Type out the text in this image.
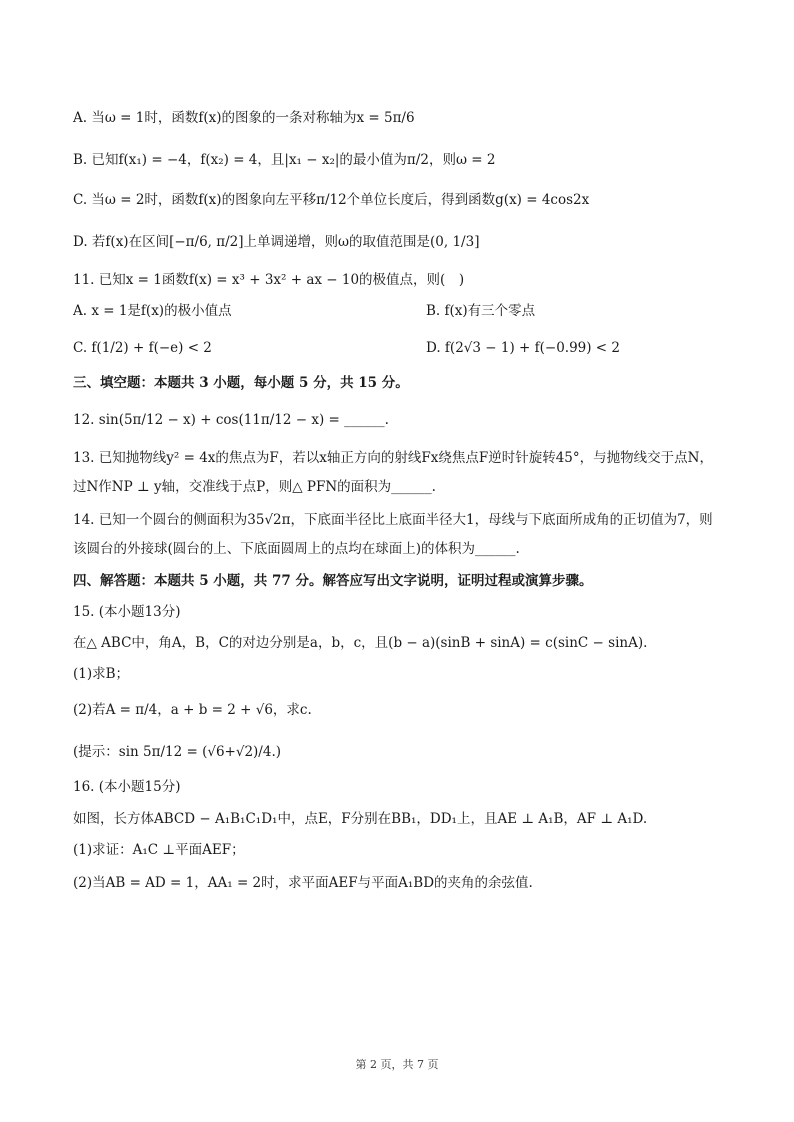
A. 当ω = 1时，函数f(x)的图象的一条对称轴为x = 5π/6
B. 已知f(x₁) = −4，f(x₂) = 4，且|x₁ − x₂|的最小值为π/2，则ω = 2
C. 当ω = 2时，函数f(x)的图象向左平移π/12个单位长度后，得到函数g(x) = 4cos2x
D. 若f(x)在区间[−π/6, π/2]上单调递增，则ω的取值范围是(0, 1/3]
11. 已知x = 1函数f(x) = x³ + 3x² + ax − 10的极值点，则(　)
A. x = 1是f(x)的极小值点	B. f(x)有三个零点
C. f(1/2) + f(−e) < 2	D. f(2√3 − 1) + f(−0.99) < 2
三、填空题：本题共 3 小题，每小题 5 分，共 15 分。
12. sin(5π/12 − x) + cos(11π/12 − x) = ______.
13. 已知抛物线y² = 4x的焦点为F，若以x轴正方向的射线Fx绕焦点F逆时针旋转45°，与抛物线交于点N，
过N作NP ⊥ y轴，交准线于点P，则△ PFN的面积为______.
14. 已知一个圆台的侧面积为35√2π，下底面半径比上底面半径大1，母线与下底面所成角的正切值为7，则
该圆台的外接球(圆台的上、下底面圆周上的点均在球面上)的体积为______.
四、解答题：本题共 5 小题，共 77 分。解答应写出文字说明，证明过程或演算步骤。
15. (本小题13分)
在△ ABC中，角A，B，C的对边分别是a，b，c，且(b − a)(sinB + sinA) = c(sinC − sinA).
(1)求B；
(2)若A = π/4，a + b = 2 + √6，求c.
(提示：sin 5π/12 = (√6+√2)/4.)
16. (本小题15分)
如图，长方体ABCD − A₁B₁C₁D₁中，点E，F分别在BB₁，DD₁上，且AE ⊥ A₁B，AF ⊥ A₁D.
(1)求证：A₁C ⊥平面AEF；
(2)当AB = AD = 1，AA₁ = 2时，求平面AEF与平面A₁BD的夹角的余弦值.
第 2 页，共 7 页
